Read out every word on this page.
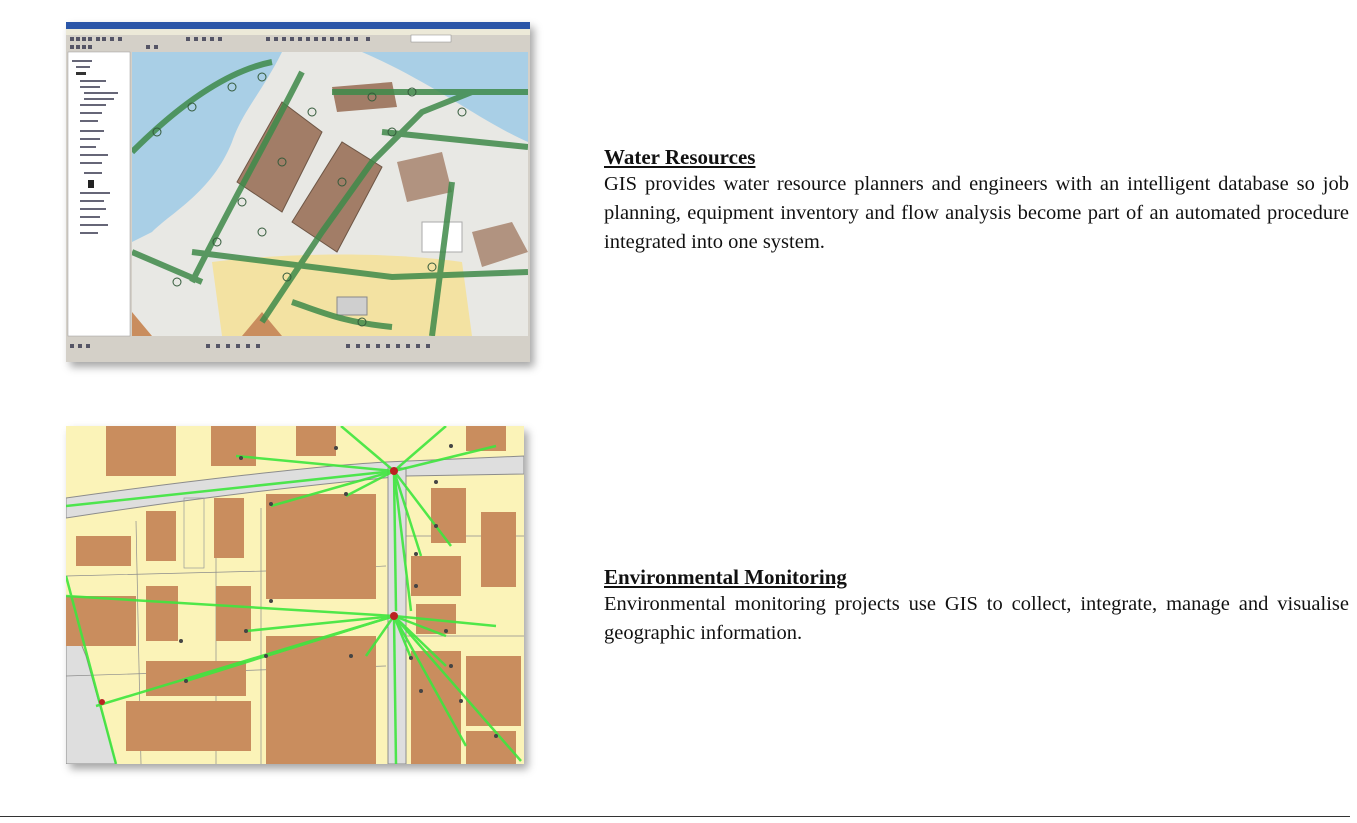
Water Resources

GIS provides water resource planners and engineers with an intelligent database so job planning, equipment inventory and flow analysis become part of an automated procedure integrated into one system.

Environmental Monitoring

Environmental monitoring projects use GIS to collect, integrate, manage and visualise geographic information.
